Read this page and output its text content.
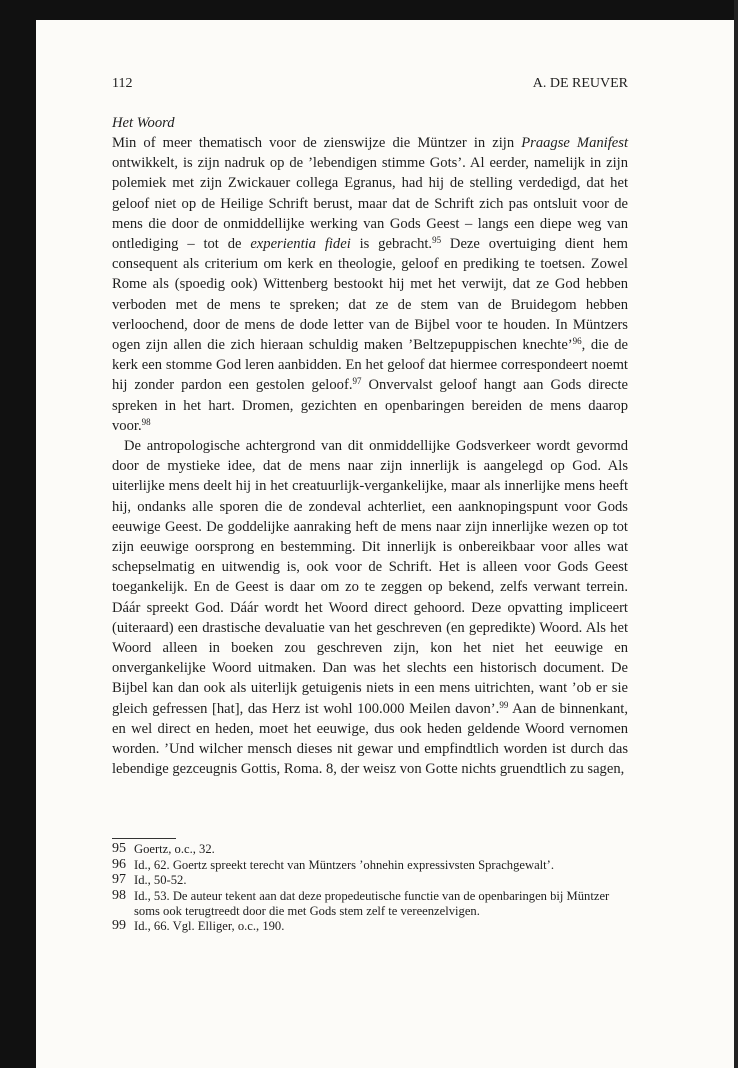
112	A. DE REUVER
Het Woord

Min of meer thematisch voor de zienswijze die Müntzer in zijn Praagse Manifest ontwikkelt, is zijn nadruk op de ’lebendigen stimme Gots’. Al eerder, namelijk in zijn polemiek met zijn Zwickauer collega Egranus, had hij de stelling verdedigd, dat het geloof niet op de Heilige Schrift berust, maar dat de Schrift zich pas ontsluit voor de mens die door de onmiddellijke werking van Gods Geest – langs een diepe weg van ontlediging – tot de experientia fidei is gebracht.$^{95}$ Deze overtuiging dient hem consequent als criterium om kerk en theologie, geloof en prediking te toetsen. Zowel Rome als (spoedig ook) Wittenberg bestookt hij met het verwijt, dat ze God hebben verboden met de mens te spreken; dat ze de stem van de Bruidegom hebben verloochend, door de mens de dode letter van de Bijbel voor te houden. In Müntzers ogen zijn allen die zich hieraan schuldig maken ’Beltzepuppischen knechte’$^{96}$, die de kerk een stomme God leren aanbidden. En het geloof dat hiermee correspondeert noemt hij zonder pardon een gestolen geloof.$^{97}$ Onvervalst geloof hangt aan Gods directe spreken in het hart. Dromen, gezichten en openbaringen bereiden de mens daarop voor.$^{98}$

De antropologische achtergrond van dit onmiddellijke Godsverkeer wordt gevormd door de mystieke idee, dat de mens naar zijn innerlijk is aangelegd op God. Als uiterlijke mens deelt hij in het creatuurlijk-vergankelijke, maar als innerlijke mens heeft hij, ondanks alle sporen die de zondeval achterliet, een aanknopingspunt voor Gods eeuwige Geest. De goddelijke aanraking heft de mens naar zijn innerlijke wezen op tot zijn eeuwige oorsprong en bestemming. Dit innerlijk is onbereikbaar voor alles wat schepselmatig en uitwendig is, ook voor de Schrift. Het is alleen voor Gods Geest toegankelijk. En de Geest is daar om zo te zeggen op bekend, zelfs verwant terrein. Dáár spreekt God. Dáár wordt het Woord direct gehoord. Deze opvatting impliceert (uiteraard) een drastische devaluatie van het geschreven (en gepredikte) Woord. Als het Woord alleen in boeken zou geschreven zijn, kon het niet het eeuwige en onvergankelijke Woord uitmaken. Dan was het slechts een historisch document. De Bijbel kan dan ook als uiterlijk getuigenis niets in een mens uitrichten, want ’ob er sie gleich gefressen [hat], das Herz ist wohl 100.000 Meilen davon’.$^{99}$ Aan de binnenkant, en wel direct en heden, moet het eeuwige, dus ook heden geldende Woord vernomen worden. ’Und wilcher mensch dieses nit gewar und empfindtlich worden ist durch das lebendige gezceugnis Gottis, Roma. 8, der weisz von Gotte nichts gruendtlich zu sagen,

95 Goertz, o.c., 32.
96 Id., 62. Goertz spreekt terecht van Müntzers ’ohnehin expressivsten Sprachgewalt’.
97 Id., 50-52.
98 Id., 53. De auteur tekent aan dat deze propedeutische functie van de openbaringen bij Müntzer soms ook terugtreedt door die met Gods stem zelf te vereenzelvigen.
99 Id., 66. Vgl. Elliger, o.c., 190.
